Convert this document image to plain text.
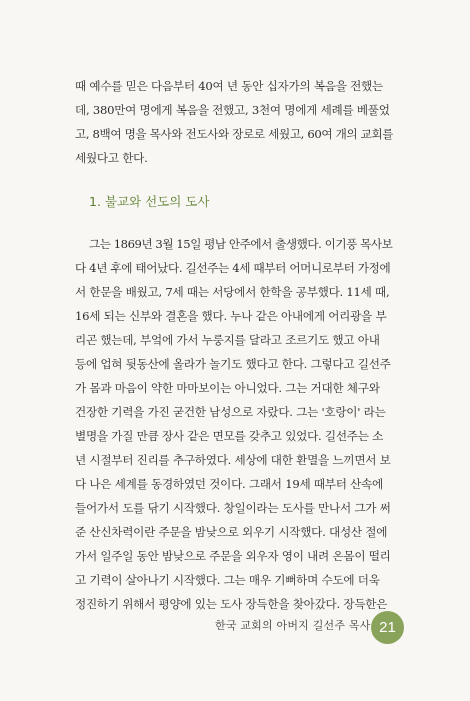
때 예수를 믿은 다음부터 40여 년 동안 십자가의 복음을 전했는
데, 380만여 명에게 복음을 전했고, 3천여 명에게 세례를 베풀었
고, 8백여 명을 목사와 전도사와 장로로 세웠고, 60여 개의 교회를
세웠다고 한다.
1. 불교와 선도의 도사
그는 1869년 3월 15일 평남 안주에서 출생했다. 이기풍 목사보
다 4년 후에 태어났다. 길선주는 4세 때부터 어머니로부터 가정에
서 한문을 배웠고, 7세 때는 서당에서 한학을 공부했다. 11세 때,
16세 되는 신부와 결혼을 했다. 누나 같은 아내에게 어리광을 부
리곤 했는데, 부엌에 가서 누룽지를 달라고 조르기도 했고 아내
등에 업혀 뒷동산에 올라가 놀기도 했다고 한다. 그렇다고 길선주
가 몸과 마음이 약한 마마보이는 아니었다. 그는 거대한 체구와
건장한 기력을 가진 굳건한 남성으로 자랐다. 그는 '호랑이' 라는
별명을 가질 만큼 장사 같은 면모를 갖추고 있었다. 길선주는 소
년 시절부터 진리를 추구하였다. 세상에 대한 환멸을 느끼면서 보
다 나은 세계를 동경하였던 것이다. 그래서 19세 때부터 산속에
들어가서 도를 닦기 시작했다. 창일이라는 도사를 만나서 그가 써
준 산신차력이란 주문을 밤낮으로 외우기 시작했다. 대성산 절에
가서 일주일 동안 밤낮으로 주문을 외우자 영이 내려 온몸이 떨리
고 기력이 살아나기 시작했다. 그는 매우 기뻐하며 수도에 더욱
정진하기 위해서 평양에 있는 도사 장득한을 찾아갔다. 장득한은
한국 교회의 아버지 길선주 목사 21
